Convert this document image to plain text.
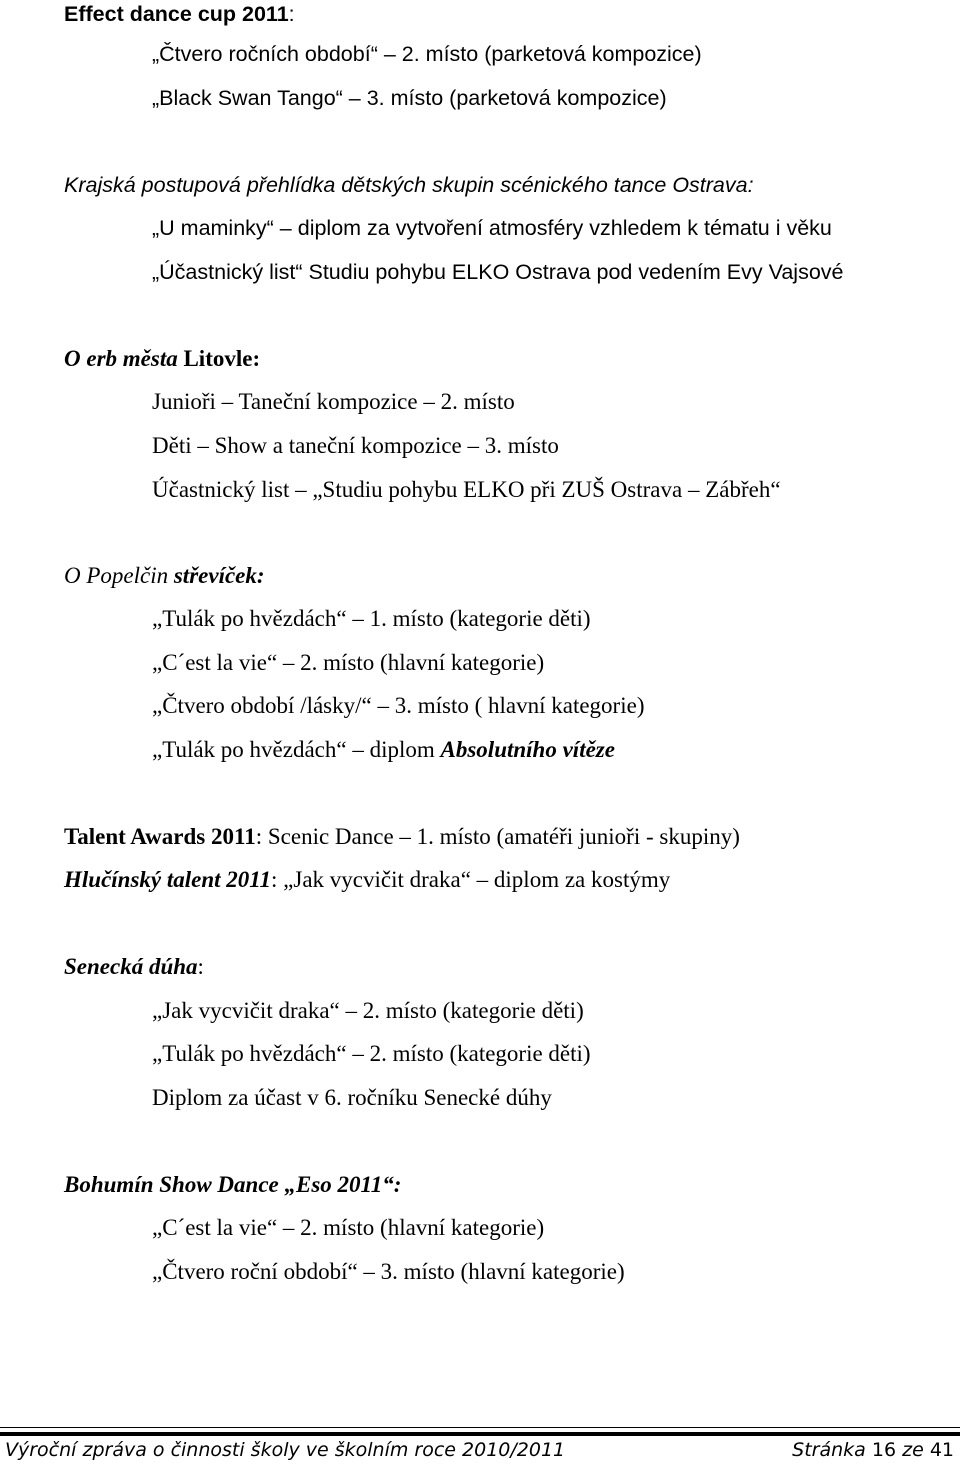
Effect dance cup 2011:
„Čtvero ročních období“ – 2. místo (parketová kompozice)
„Black Swan Tango“ – 3. místo (parketová kompozice)
Krajská postupová přehlídka dětských skupin scénického tance Ostrava:
„U maminky“ – diplom za vytvoření atmosféry vzhledem k tématu i věku
„Účastnický list“ Studiu pohybu ELKO Ostrava pod vedením Evy Vajsové
O erb města Litovle:
Junioři – Taneční kompozice – 2. místo
Děti – Show a taneční kompozice – 3. místo
Účastnický list – „Studiu pohybu ELKO při ZUŠ Ostrava – Zábřeh“
O Popelčin střevíček:
„Tulák po hvězdách“ – 1. místo (kategorie děti)
„C´est la vie“ – 2. místo (hlavní kategorie)
„Čtvero období /lásky/“ – 3. místo ( hlavní kategorie)
„Tulák po hvězdách“ – diplom Absolutního vítěze
Talent Awards 2011: Scenic Dance – 1. místo (amatéři junioři - skupiny)
Hlučínský talent 2011: „Jak vycvičit draka“ – diplom za kostýmy
Senecká dúha:
„Jak vycvičit draka“ – 2. místo (kategorie děti)
„Tulák po hvězdách“ – 2. místo (kategorie děti)
Diplom za účast v 6. ročníku Senecké dúhy
Bohumín Show Dance „Eso 2011“:
„C´est la vie“ – 2. místo (hlavní kategorie)
„Čtvero roční období“ – 3. místo (hlavní kategorie)
Výroční zpráva o činnosti školy ve školním roce 2010/2011	Stránka 16 ze 41
